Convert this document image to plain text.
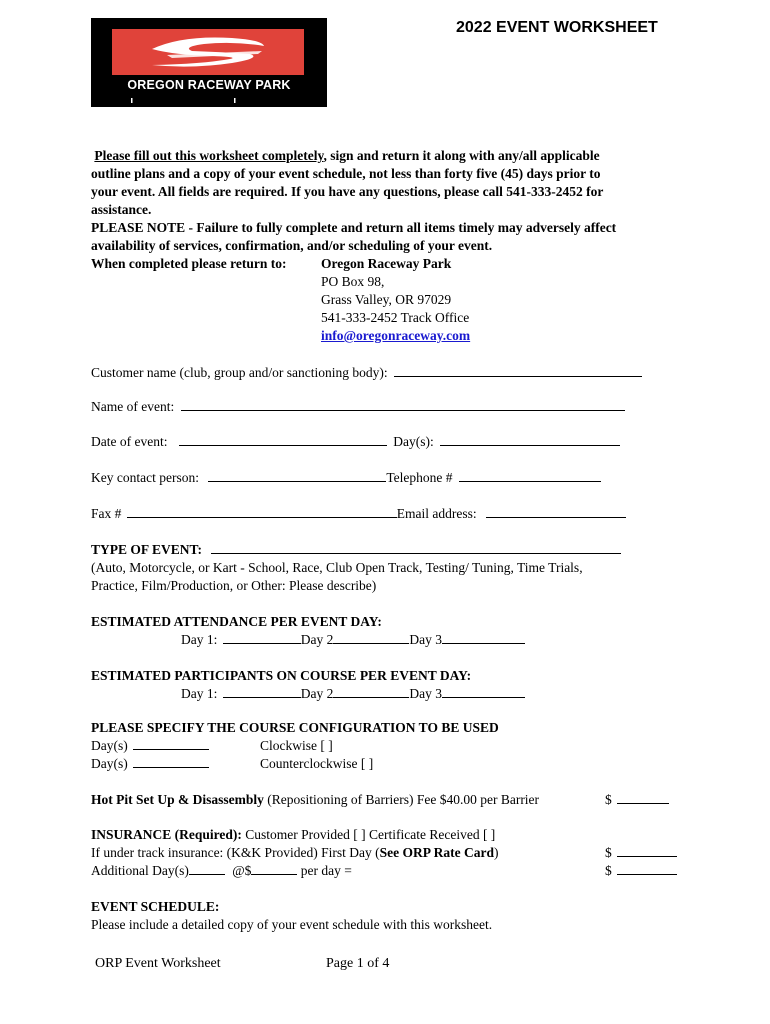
OREGON RACEWAY PARK
2022 EVENT WORKSHEET
Please fill out this worksheet completely, sign and return it along with any/all applicable
outline plans and a copy of your event schedule, not less than forty five (45) days prior to
your event. All fields are required. If you have any questions, please call 541-333-2452 for
assistance.
PLEASE NOTE - Failure to fully complete and return all items timely may adversely affect
availability of services, confirmation, and/or scheduling of your event.
When completed please return to:	Oregon Raceway Park
PO Box 98,
Grass Valley, OR 97029
541-333-2452 Track Office
info@oregonraceway.com
Customer name (club, group and/or sanctioning body):
Name of event:
Date of event:	Day(s):
Key contact person:	Telephone #
Fax #	Email address:
TYPE OF EVENT:
(Auto, Motorcycle, or Kart - School, Race, Club Open Track, Testing/ Tuning, Time Trials,
Practice, Film/Production, or Other: Please describe)
ESTIMATED ATTENDANCE PER EVENT DAY:
Day 1:	Day 2	Day 3
ESTIMATED PARTICIPANTS ON COURSE PER EVENT DAY:
Day 1:	Day 2	Day 3
PLEASE SPECIFY THE COURSE CONFIGURATION TO BE USED
Day(s)	Clockwise [ ]
Day(s)	Counterclockwise [ ]
Hot Pit Set Up & Disassembly (Repositioning of Barriers) Fee $40.00 per Barrier	$
INSURANCE (Required): Customer Provided [ ] Certificate Received [ ]
If under track insurance: (K&K Provided) First Day (See ORP Rate Card)	$
Additional Day(s)	@$	per day =	$
EVENT SCHEDULE:
Please include a detailed copy of your event schedule with this worksheet.
ORP Event Worksheet	Page 1 of 4
